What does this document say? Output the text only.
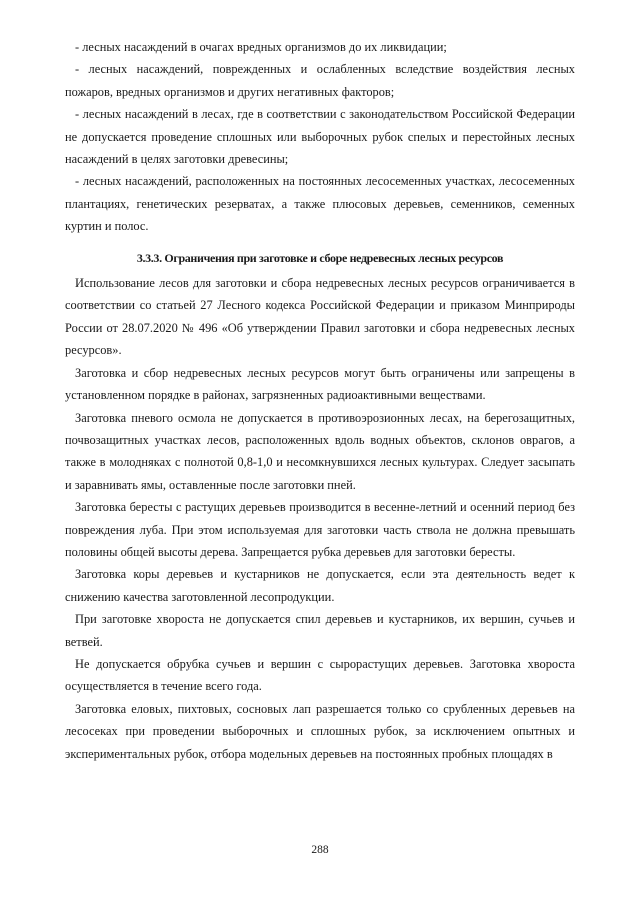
- лесных насаждений в очагах вредных организмов до их ликвидации;

- лесных насаждений, поврежденных и ослабленных вследствие воздействия лесных пожаров, вредных организмов и других негативных факторов;

- лесных насаждений в лесах, где в соответствии с законодательством Российской Федерации не допускается проведение сплошных или выборочных рубок спелых и перестойных лесных насаждений в целях заготовки древесины;

- лесных насаждений, расположенных на постоянных лесосеменных участках, лесосеменных плантациях, генетических резерватах, а также плюсовых деревьев, семенников, семенных куртин и полос.

3.3.3. Ограничения при заготовке и сборе недревесных лесных ресурсов

Использование лесов для заготовки и сбора недревесных лесных ресурсов ограничивается в соответствии со статьей 27 Лесного кодекса Российской Федерации и приказом Минприроды России от 28.07.2020 № 496 «Об утверждении Правил заготовки и сбора недревесных лесных ресурсов».

Заготовка и сбор недревесных лесных ресурсов могут быть ограничены или запрещены в установленном порядке в районах, загрязненных радиоактивными веществами.

Заготовка пневого осмола не допускается в противоэрозионных лесах, на берегозащитных, почвозащитных участках лесов, расположенных вдоль водных объектов, склонов оврагов, а также в молодняках с полнотой 0,8-1,0 и несомкнувшихся лесных культурах. Следует засыпать и заравнивать ямы, оставленные после заготовки пней.

Заготовка бересты с растущих деревьев производится в весенне-летний и осенний период без повреждения луба. При этом используемая для заготовки часть ствола не должна превышать половины общей высоты дерева. Запрещается рубка деревьев для заготовки бересты.

Заготовка коры деревьев и кустарников не допускается, если эта деятельность ведет к снижению качества заготовленной лесопродукции.

При заготовке хвороста не допускается спил деревьев и кустарников, их вершин, сучьев и ветвей.

Не допускается обрубка сучьев и вершин с сырорастущих деревьев. Заготовка хвороста осуществляется в течение всего года.

Заготовка еловых, пихтовых, сосновых лап разрешается только со срубленных деревьев на лесосеках при проведении выборочных и сплошных рубок, за исключением опытных и экспериментальных рубок, отбора модельных деревьев на постоянных пробных площадях в

288
